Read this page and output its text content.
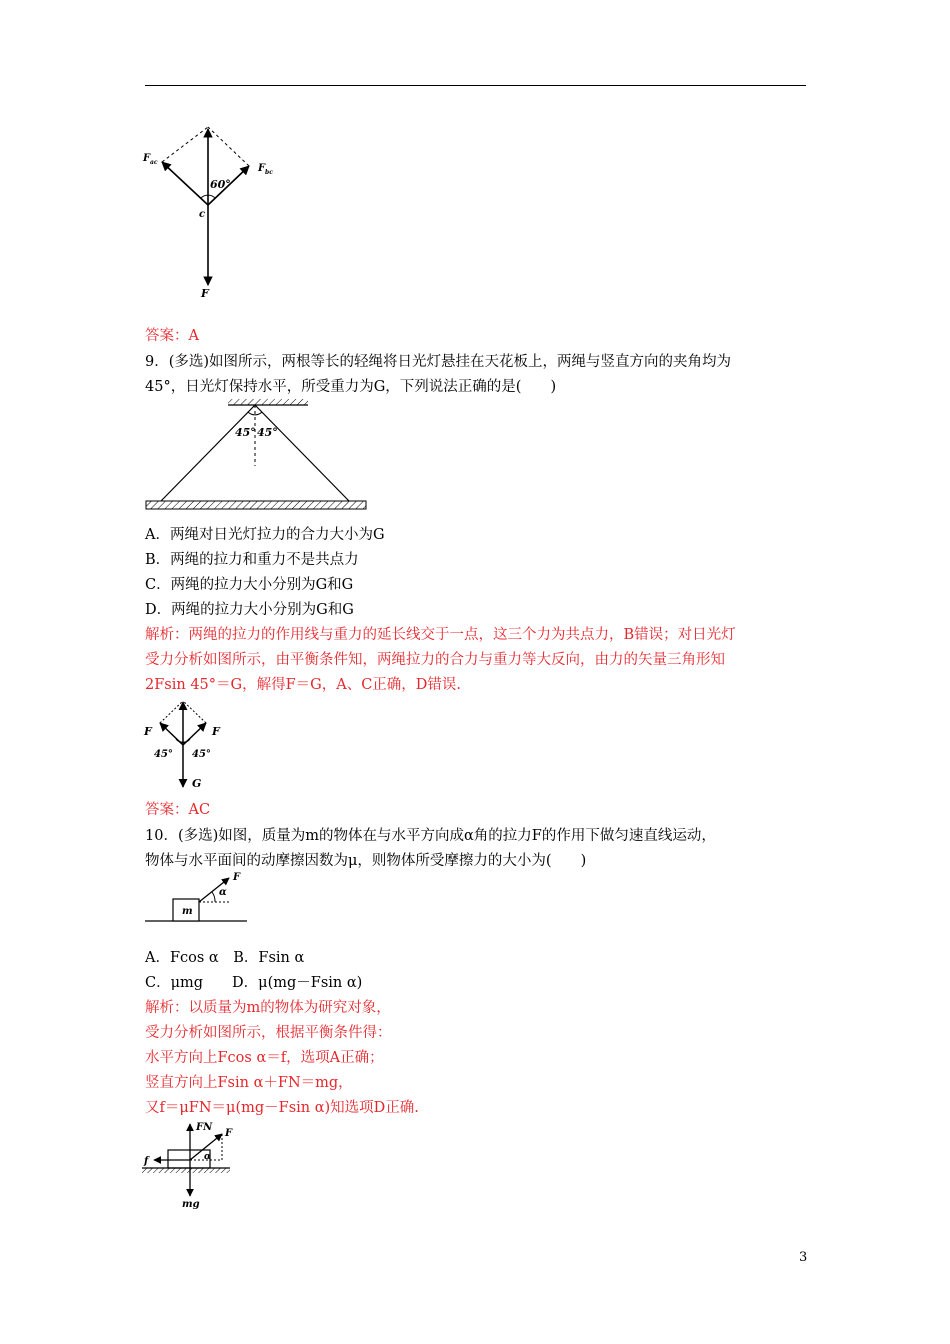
F ac
F bc
60°
c
F
答案：A
9．(多选)如图所示，两根等长的轻绳将日光灯悬挂在天花板上，两绳与竖直方向的夹角均为
45°，日光灯保持水平，所受重力为G，下列说法正确的是(　　)
45° 45°
A．两绳对日光灯拉力的合力大小为G
B．两绳的拉力和重力不是共点力
C．两绳的拉力大小分别为G和G
D．两绳的拉力大小分别为G和G
解析：两绳的拉力的作用线与重力的延长线交于一点，这三个力为共点力，B错误；对日光灯
受力分析如图所示，由平衡条件知，两绳拉力的合力与重力等大反向，由力的矢量三角形知
2Fsin 45°＝G，解得F＝G，A、C正确，D错误.
F	F
45° 45°
G
答案：AC
10．(多选)如图，质量为m的物体在与水平方向成α角的拉力F的作用下做匀速直线运动，
物体与水平面间的动摩擦因数为μ，则物体所受摩擦力的大小为(　　)
F
α
m
A．Fcos α　B．Fsin α
C．μmg　　D．μ(mg－Fsin α)
解析：以质量为m的物体为研究对象，
受力分析如图所示，根据平衡条件得：
水平方向上Fcos α＝f，选项A正确；
竖直方向上Fsin α＋FN＝mg，
又f＝μFN＝μ(mg－Fsin α)知选项D正确.
FN
F
f	α
mg
3
